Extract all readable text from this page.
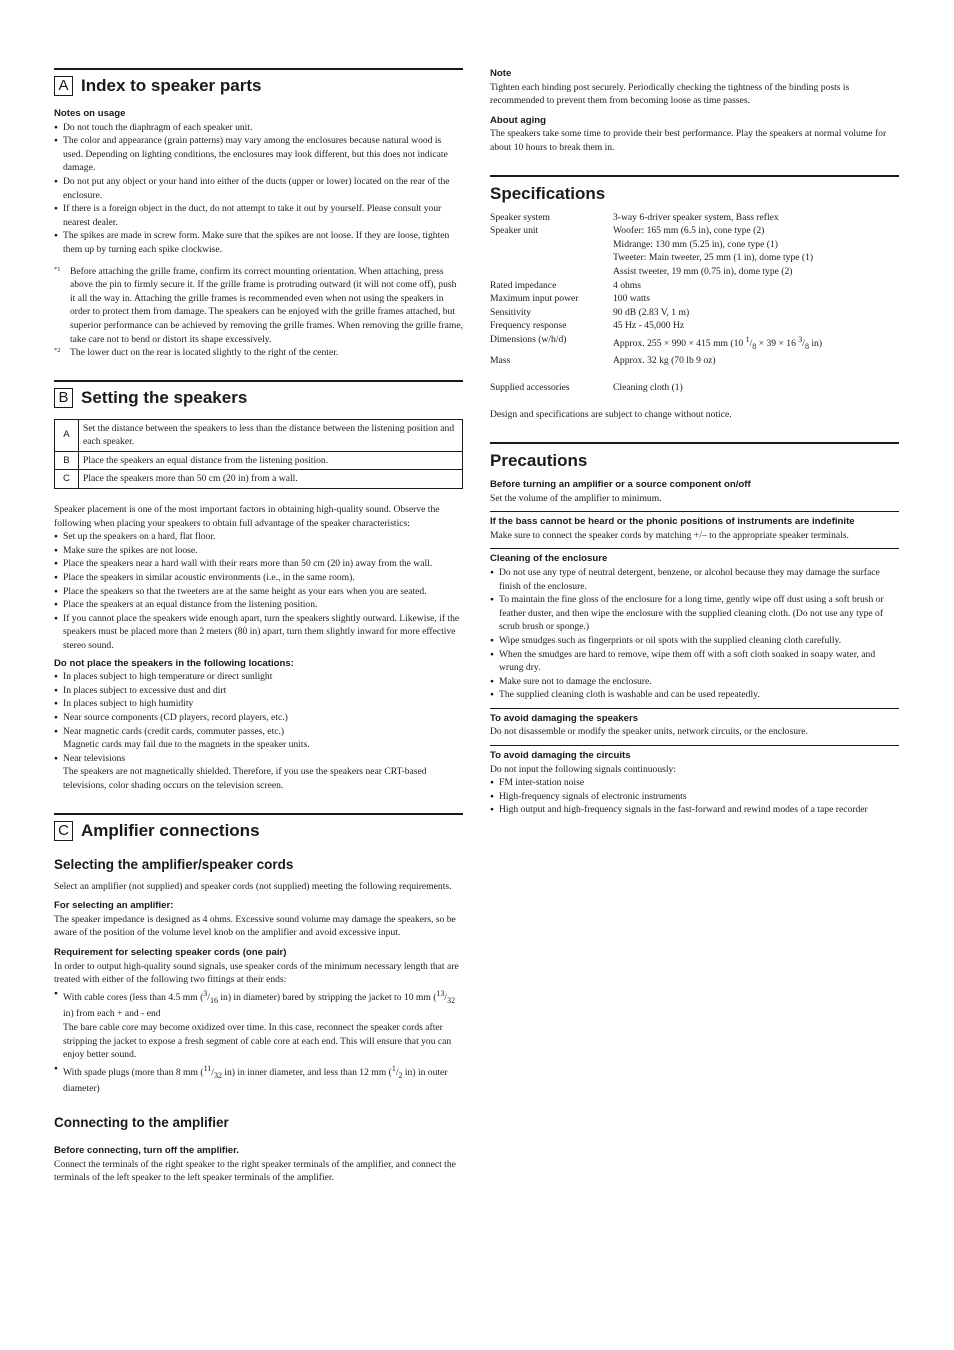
A Index to speaker parts
Notes on usage
● Do not touch the diaphragm of each speaker unit.
● The color and appearance (grain patterns) may vary among the enclosures because natural wood is used. Depending on lighting conditions, the enclosures may look different, but this does not indicate damage.
● Do not put any object or your hand into either of the ducts (upper or lower) located on the rear of the enclosure.
● If there is a foreign object in the duct, do not attempt to take it out by yourself. Please consult your nearest dealer.
● The spikes are made in screw form. Make sure that the spikes are not loose. If they are loose, tighten them up by turning each spike clockwise.
*1 Before attaching the grille frame, confirm its correct mounting orientation. When attaching, press above the pin to firmly secure it. If the grille frame is protruding outward (it will not come off), push it all the way in. Attaching the grille frames is recommended even when not using the speakers in order to protect them from damage. The speakers can be enjoyed with the grille frames attached, but superior performance can be achieved by removing the grille frames. When removing the grille frame, take care not to bend or distort its shape excessively.
*2 The lower duct on the rear is located slightly to the right of the center.
B Setting the speakers
A	Set the distance between the speakers to less than the distance between the listening position and each speaker.
B	Place the speakers an equal distance from the listening position.
C	Place the speakers more than 50 cm (20 in) from a wall.

Speaker placement is one of the most important factors in obtaining high-quality sound. Observe the following when placing your speakers to obtain full advantage of the speaker characteristics:

● Set up the speakers on a hard, flat floor.
● Make sure the spikes are not loose.
● Place the speakers near a hard wall with their rears more than 50 cm (20 in) away from the wall.
● Place the speakers in similar acoustic environments (i.e., in the same room).
● Place the speakers so that the tweeters are at the same height as your ears when you are seated.
● Place the speakers at an equal distance from the listening position.
● If you cannot place the speakers wide enough apart, turn the speakers slightly outward. Likewise, if the speakers must be placed more than 2 meters (80 in) apart, turn them slightly inward for more effective stereo sound.
Do not place the speakers in the following locations:
● In places subject to high temperature or direct sunlight
● In places subject to excessive dust and dirt
● In places subject to high humidity
● Near source components (CD players, record players, etc.)
● Near magnetic cards (credit cards, commuter passes, etc.)
Magnetic cards may fail due to the magnets in the speaker units.
● Near televisions
The speakers are not magnetically shielded. Therefore, if you use the speakers near CRT-based televisions, color shading occurs on the television screen.
C Amplifier connections
Selecting the amplifier/speaker cords

Select an amplifier (not supplied) and speaker cords (not supplied) meeting the following requirements.

For selecting an amplifier:

The speaker impedance is designed as 4 ohms. Excessive sound volume may damage the speakers, so be aware of the position of the volume level knob on the amplifier and avoid excessive input.

Requirement for selecting speaker cords (one pair)

In order to output high-quality sound signals, use speaker cords of the minimum necessary length that are treated with either of the following two fittings at their ends:

● With cable cores (less than 4.5 mm ($^3/_{16}$ in) in diameter) bared by stripping the jacket to 10 mm ($^{13}/_{32}$ in) from each + and - end
The bare cable core may become oxidized over time. In this case, reconnect the speaker cords after stripping the jacket to expose a fresh segment of cable core at each end. This will ensure that you can enjoy better sound.
● With spade plugs (more than 8 mm ($^{11}/_{32}$ in) in inner diameter, and less than 12 mm ($^1/_2$ in) in outer diameter)
Connecting to the amplifier
Before connecting, turn off the amplifier.

Connect the terminals of the right speaker to the right speaker terminals of the amplifier, and connect the terminals of the left speaker to the left speaker terminals of the amplifier.

Note

Tighten each binding post securely. Periodically checking the tightness of the binding posts is recommended to prevent them from becoming loose as time passes.

About aging

The speakers take some time to provide their best performance. Play the speakers at normal volume for about 10 hours to break them in.

Specifications
Speaker system	3-way 6-driver speaker system, Bass reflex
Speaker unit	Woofer: 165 mm (6.5 in), cone type (2)
Midrange: 130 mm (5.25 in), cone type (1)
Tweeter: Main tweeter, 25 mm (1 in), dome type (1)
Assist tweeter, 19 mm (0.75 in), dome type (2)

Rated impedance	4 ohms
Maximum input power	100 watts
Sensitivity	90 dB (2.83 V, 1 m)
Frequency response	45 Hz - 45,000 Hz
Dimensions (w/h/d)	Approx. 255 × 990 × 415 mm (10 $^1/_8 \times 39 \times 16$ $^3/_8$ in)
Mass	Approx. 32 kg (70 lb 9 oz)
Supplied accessories	Cleaning cloth (1)

Design and specifications are subject to change without notice.

Precautions
Before turning an amplifier or a source component on/off

Set the volume of the amplifier to minimum.

If the bass cannot be heard or the phonic positions of instruments are indefinite

Make sure to connect the speaker cords by matching +/– to the appropriate speaker terminals.

Cleaning of the enclosure
● Do not use any type of neutral detergent, benzene, or alcohol because they may damage the surface finish of the enclosure.
● To maintain the fine gloss of the enclosure for a long time, gently wipe off dust using a soft brush or feather duster, and then wipe the enclosure with the supplied cleaning cloth. (Do not use any type of scrub brush or sponge.)
● Wipe smudges such as fingerprints or oil spots with the supplied cleaning cloth carefully.
● When the smudges are hard to remove, wipe them off with a soft cloth soaked in soapy water, and wrung dry.
● Make sure not to damage the enclosure.
● The supplied cleaning cloth is washable and can be used repeatedly.
To avoid damaging the speakers

Do not disassemble or modify the speaker units, network circuits, or the enclosure.

To avoid damaging the circuits

Do not input the following signals continuously:

● FM inter-station noise
● High-frequency signals of electronic instruments
● High output and high-frequency signals in the fast-forward and rewind modes of a tape recorder
